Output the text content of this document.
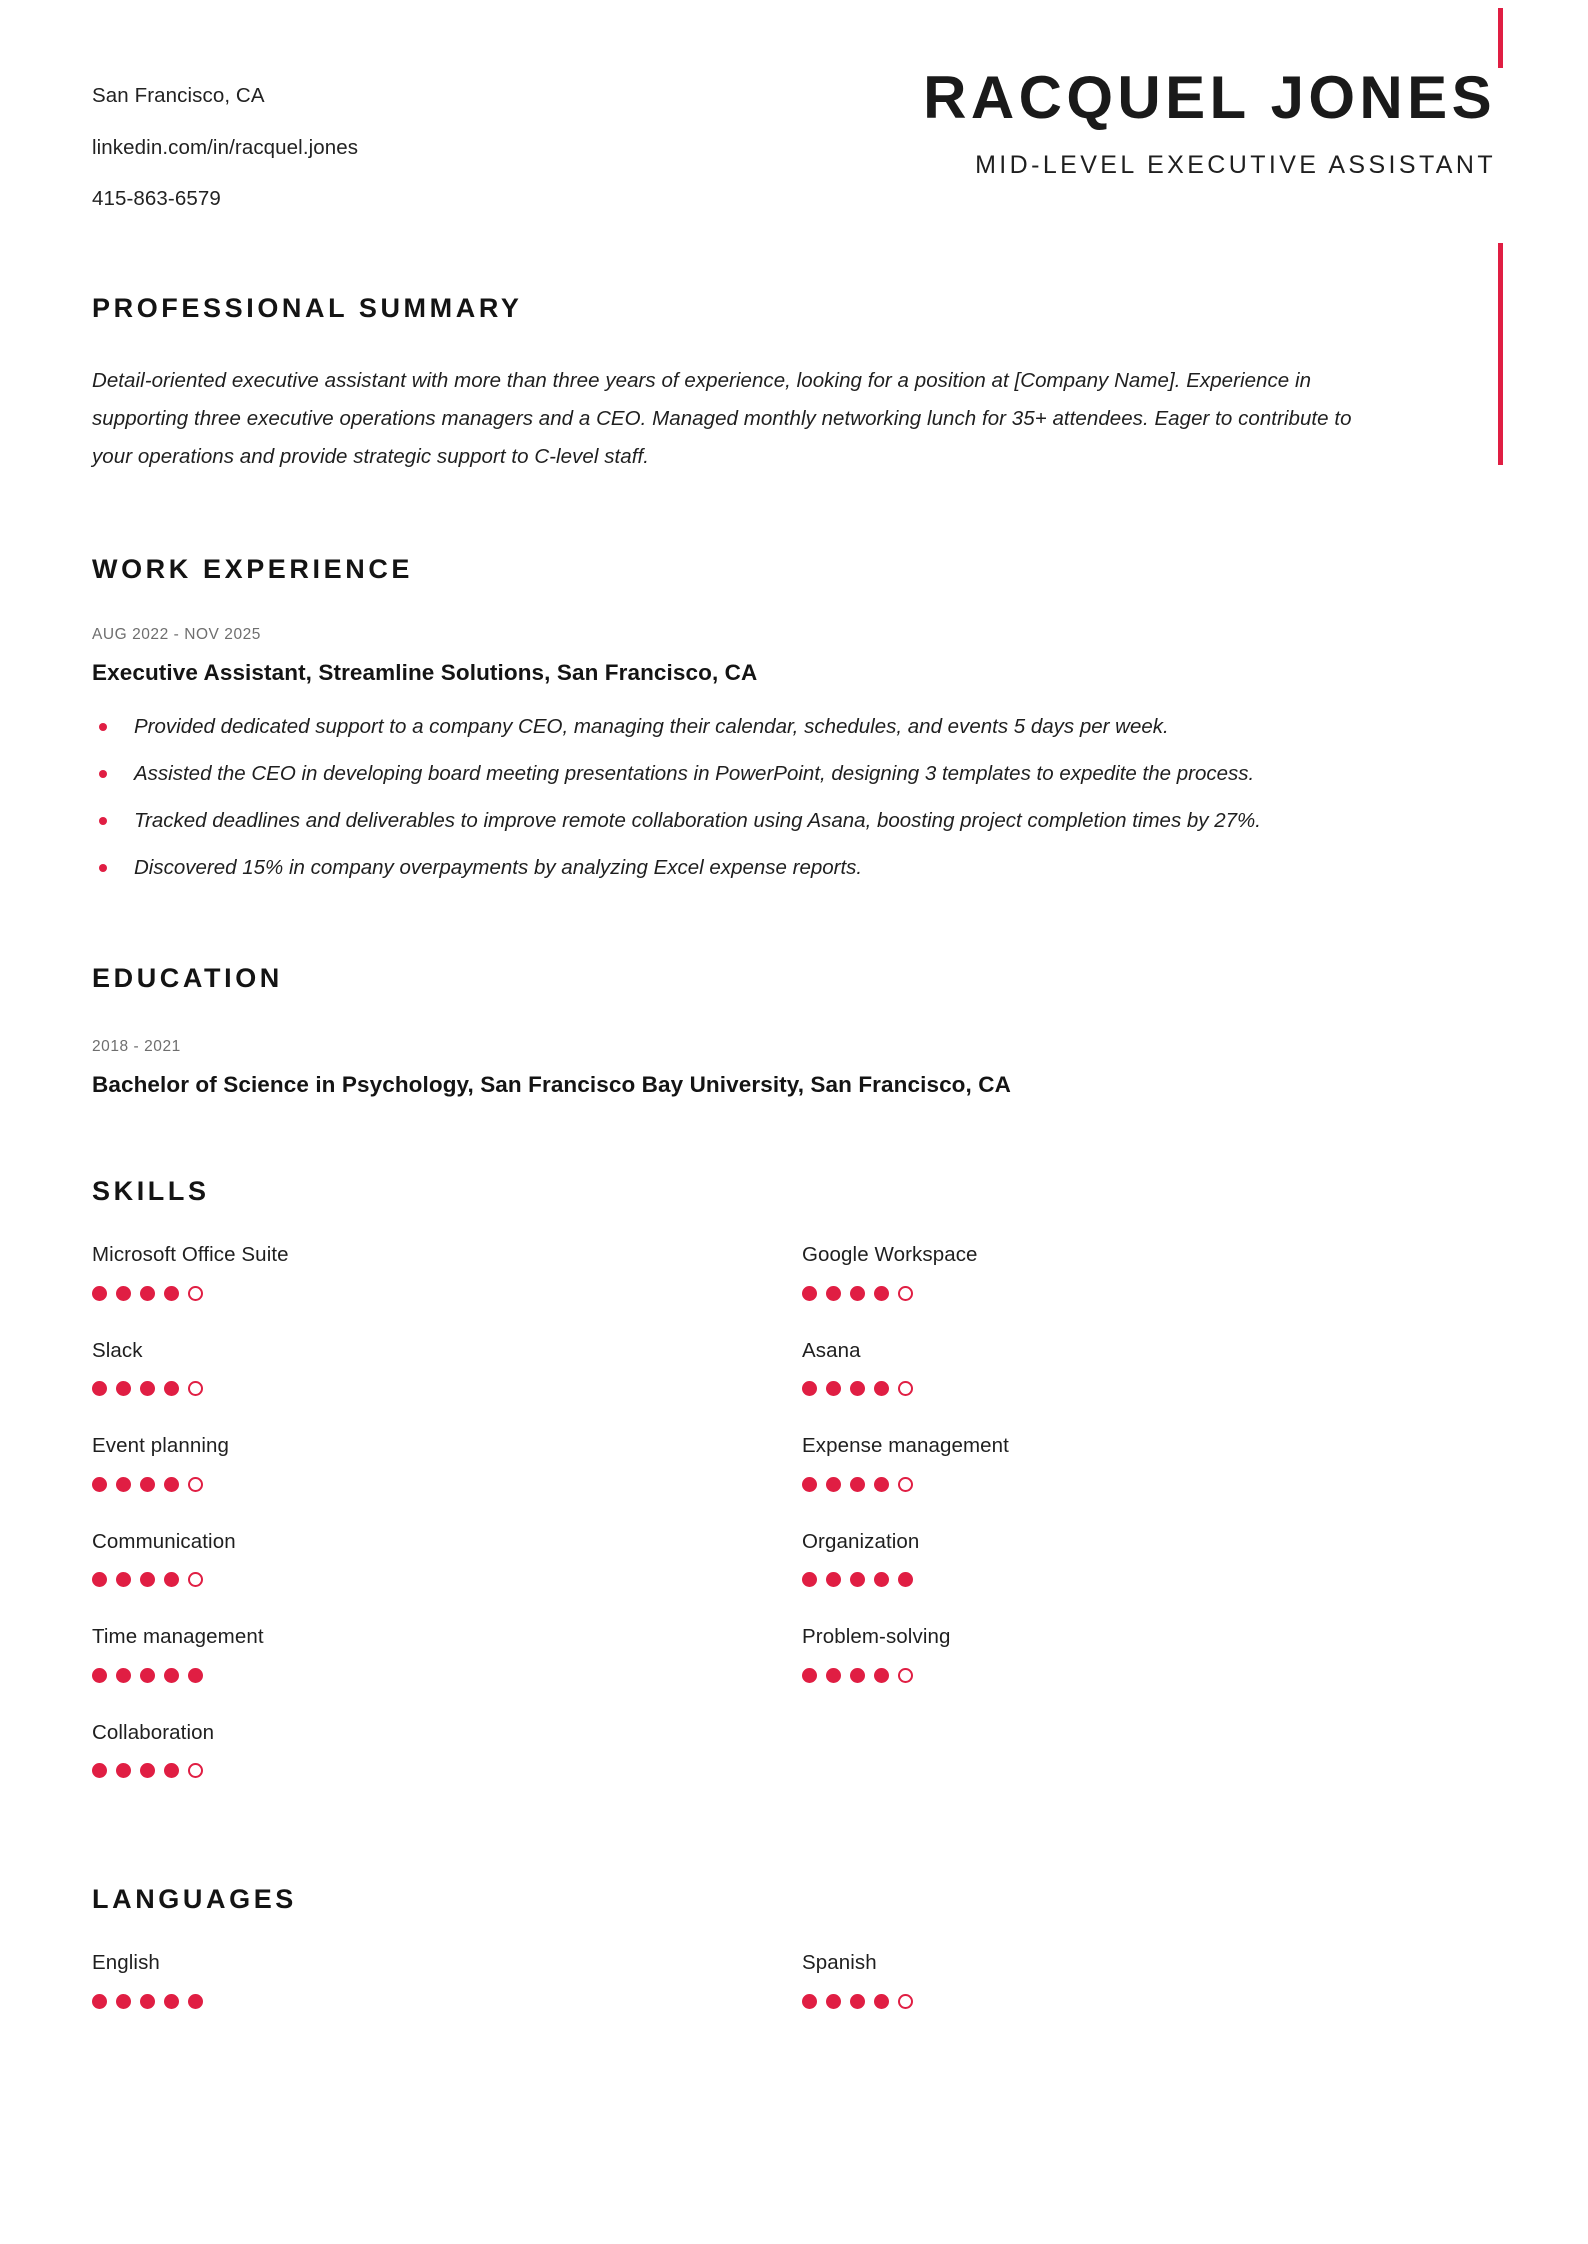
San Francisco, CA
linkedin.com/in/racquel.jones
415-863-6579
RACQUEL JONES
MID-LEVEL EXECUTIVE ASSISTANT
PROFESSIONAL SUMMARY
Detail-oriented executive assistant with more than three years of experience, looking for a position at [Company Name]. Experience in supporting three executive operations managers and a CEO. Managed monthly networking lunch for 35+ attendees. Eager to contribute to your operations and provide strategic support to C-level staff.
WORK EXPERIENCE
AUG 2022 - NOV 2025
Executive Assistant, Streamline Solutions, San Francisco, CA
Provided dedicated support to a company CEO, managing their calendar, schedules, and events 5 days per week.
Assisted the CEO in developing board meeting presentations in PowerPoint, designing 3 templates to expedite the process.
Tracked deadlines and deliverables to improve remote collaboration using Asana, boosting project completion times by 27%.
Discovered 15% in company overpayments by analyzing Excel expense reports.
EDUCATION
2018 - 2021
Bachelor of Science in Psychology, San Francisco Bay University, San Francisco, CA
SKILLS
Microsoft Office Suite	Google Workspace
Slack	Asana
Event planning	Expense management
Communication	Organization
Time management	Problem-solving
Collaboration
LANGUAGES
English	Spanish
